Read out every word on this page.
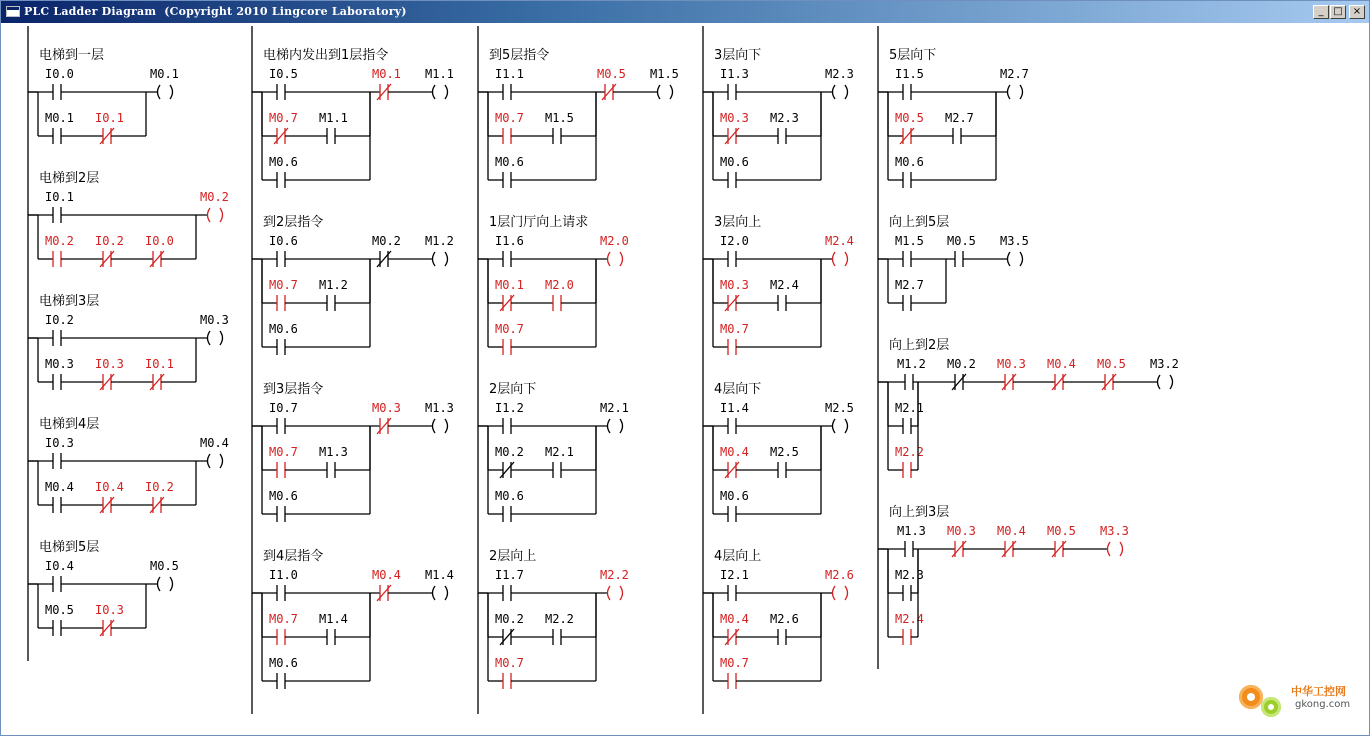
PLC Ladder Diagram  (Copyright 2010 Lingcore Laboratory)	_ □	×
电梯到一层
I0.0	M0.1
M0.1 I0.1
电梯到2层
I0.1	M0.2
M0.2 I0.2 I0.0
电梯到3层
I0.2	M0.3
M0.3 I0.3 I0.1
电梯到4层
I0.3	M0.4
M0.4 I0.4 I0.2
电梯到5层
I0.4	M0.5
M0.5 I0.3
电梯内发出到1层指令
I0.5	M0.1 M1.1
M0.7 M1.1
M0.6
到2层指令
I0.6	M0.2 M1.2
M0.7 M1.2
M0.6
到3层指令
I0.7	M0.3 M1.3
M0.7 M1.3
M0.6
到4层指令
I1.0	M0.4 M1.4
M0.7 M1.4
M0.6
到5层指令
I1.1	M0.5 M1.5
M0.7 M1.5
M0.6
1层门厅向上请求
I1.6	M2.0
M0.1 M2.0
M0.7
2层向下
I1.2	M2.1
M0.2 M2.1
M0.6
2层向上
I1.7	M2.2
M0.2 M2.2
M0.7
3层向下
I1.3	M2.3
M0.3 M2.3
M0.6
3层向上
I2.0	M2.4
M0.3 M2.4
M0.7
4层向下
I1.4	M2.5
M0.4 M2.5
M0.6
4层向上
I2.1	M2.6
M0.4 M2.6
M0.7
5层向下
I1.5	M2.7
M0.5 M2.7
M0.6
向上到5层
M1.5 M0.5 M3.5
M2.7
向上到2层
M1.2 M0.2 M0.3 M0.4 M0.5 M3.2
M2.1
M2.2
向上到3层
M1.3 M0.3 M0.4 M0.5 M3.3
M2.3
M2.4
中华工控网
gkong.com
